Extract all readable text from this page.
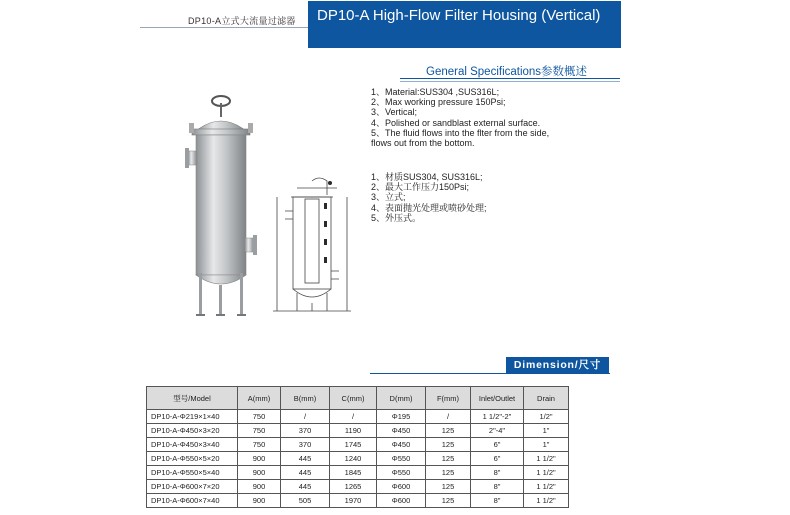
DP10-A立式大流量过滤器	DP10-A High-Flow Filter Housing (Vertical)
General Specifications参数概述
1、Material:SUS304 ,SUS316L;
2、Max working pressure 150Psi;
3、Vertical;
4、Polished or sandblast external surface.
5、The fluid flows into the flter from the side,
flows out from the bottom.
1、材质SUS304, SUS316L;
2、最大工作压力150Psi;
3、立式;
4、表面抛光处理或喷砂处理;
5、外压式。
Dimension/尺寸
型号/Model	A(mm)	B(mm)	C(mm)	D(mm)	F(mm)	Inlet/Outlet	Drain
DP10-A-Φ219×1×40	750	/	/	Φ195	/	1 1/2"-2"	1/2"
DP10-A-Φ450×3×20	750	370	1190	Φ450	125	2"-4"	1"
DP10-A-Φ450×3×40	750	370	1745	Φ450	125	6"	1"
DP10-A-Φ550×5×20	900	445	1240	Φ550	125	6"	1 1/2"
DP10-A-Φ550×5×40	900	445	1845	Φ550	125	8"	1 1/2"
DP10-A-Φ600×7×20	900	445	1265	Φ600	125	8"	1 1/2"
DP10-A-Φ600×7×40	900	505	1970	Φ600	125	8"	1 1/2"
